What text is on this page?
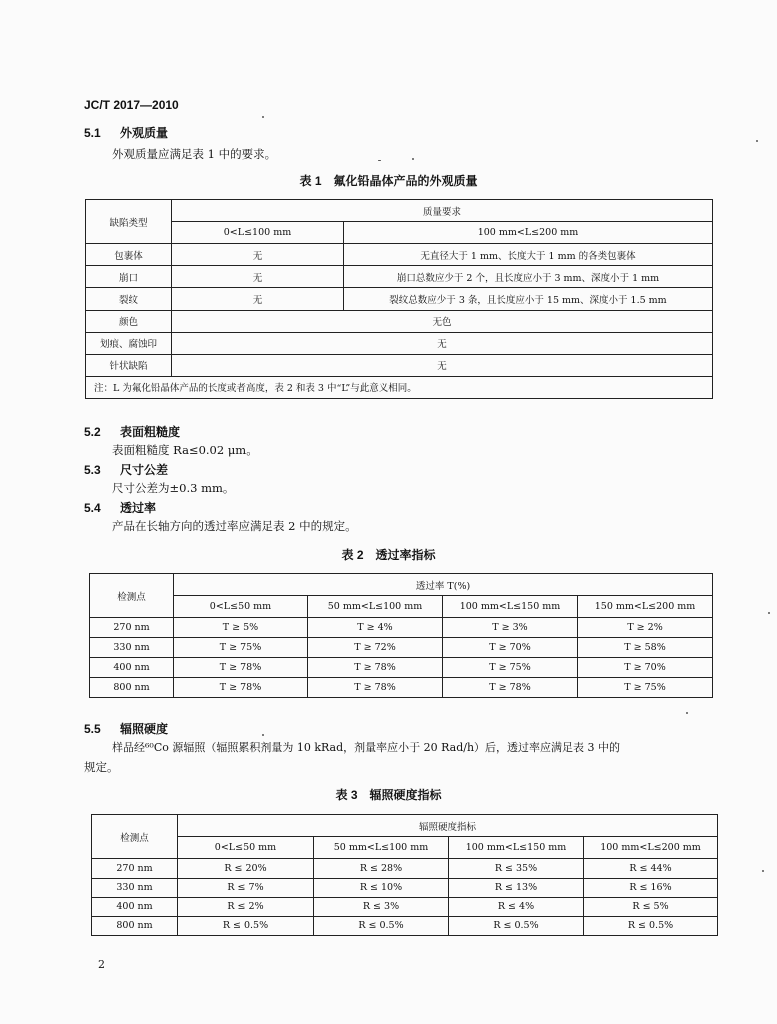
JC/T 2017—2010
5.1 外观质量
外观质量应满足表 1 中的要求。
表 1　氟化铅晶体产品的外观质量
缺陷类型	质量要求	
	0<L≤100 mm	100 mm<L≤200 mm
包裹体	无	无直径大于 1 mm、长度大于 1 mm 的各类包裹体
崩口	无	崩口总数应少于 2 个，且长度应小于 3 mm、深度小于 1 mm
裂纹	无	裂纹总数应少于 3 条，且长度应小于 15 mm、深度小于 1.5 mm
颜色	无色	
划痕、腐蚀印	无	
针状缺陷	无	
注：L 为氟化铅晶体产品的长度或者高度，表 2 和表 3 中“L”与此意义相同。		
5.2 表面粗糙度
表面粗糙度 Ra≤0.02 μm。
5.3 尺寸公差
尺寸公差为±0.3 mm。
5.4 透过率
产品在长轴方向的透过率应满足表 2 中的规定。
表 2　透过率指标
检测点	透过率 T(%)			
	0<L≤50 mm	50 mm<L≤100 mm	100 mm<L≤150 mm	150 mm<L≤200 mm
270 nm	T ≥ 5%	T ≥ 4%	T ≥ 3%	T ≥ 2%
330 nm	T ≥ 75%	T ≥ 72%	T ≥ 70%	T ≥ 58%
400 nm	T ≥ 78%	T ≥ 78%	T ≥ 75%	T ≥ 70%
800 nm	T ≥ 78%	T ≥ 78%	T ≥ 78%	T ≥ 75%
5.5 辐照硬度
样品经⁶⁰Co 源辐照（辐照累积剂量为 10 kRad，剂量率应小于 20 Rad/h）后，透过率应满足表 3 中的
规定。
表 3　辐照硬度指标
检测点	辐照硬度指标			
	0<L≤50 mm	50 mm<L≤100 mm	100 mm<L≤150 mm	100 mm<L≤200 mm
270 nm	R ≤ 20%	R ≤ 28%	R ≤ 35%	R ≤ 44%
330 nm	R ≤ 7%	R ≤ 10%	R ≤ 13%	R ≤ 16%
400 nm	R ≤ 2%	R ≤ 3%	R ≤ 4%	R ≤ 5%
800 nm	R ≤ 0.5%	R ≤ 0.5%	R ≤ 0.5%	R ≤ 0.5%
2
